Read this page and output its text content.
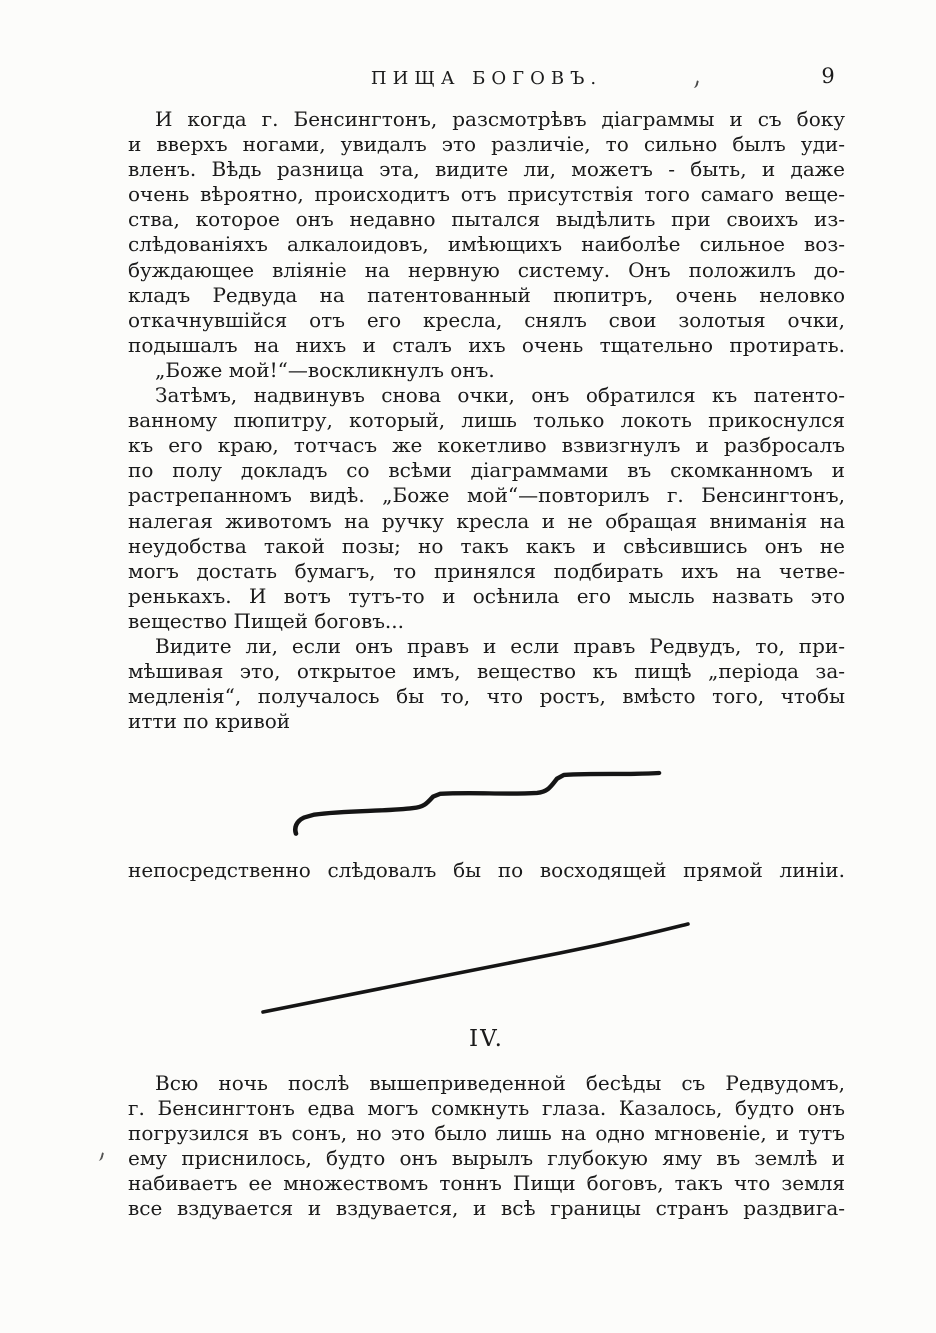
ПИЩА БОГОВЪ.	9
И когда г. Бенсингтонъ, разсмотрѣвъ діаграммы и съ боку
и вверхъ ногами, увидалъ это различіе, то сильно былъ уди-
вленъ. Вѣдь разница эта, видите ли, можетъ - быть, и даже
очень вѣроятно, происходитъ отъ присутствія того самаго веще-
ства, которое онъ недавно пытался выдѣлить при своихъ из-
слѣдованіяхъ алкалоидовъ, имѣющихъ наиболѣе сильное воз-
буждающее вліяніе на нервную систему. Онъ положилъ до-
кладъ Редвуда на патентованный пюпитръ, очень неловко
откачнувшійся отъ его кресла, снялъ свои золотыя очки,
подышалъ на нихъ и сталъ ихъ очень тщательно протирать.
„Боже мой!“—воскликнулъ онъ.
Затѣмъ, надвинувъ снова очки, онъ обратился къ патенто-
ванному пюпитру, который, лишь только локоть прикоснулся
къ его краю, тотчасъ же кокетливо взвизгнулъ и разбросалъ
по полу докладъ со всѣми діаграммами въ скомканномъ и
растрепанномъ видѣ. „Боже мой“—повторилъ г. Бенсингтонъ,
налегая животомъ на ручку кресла и не обращая вниманія на
неудобства такой позы; но такъ какъ и свѣсившись онъ не
могъ достать бумагъ, то принялся подбирать ихъ на четве-
ренькахъ. И вотъ тутъ-то и осѣнила его мысль назвать это
вещество Пищей боговъ...
Видите ли, если онъ правъ и если правъ Редвудъ, то, при-
мѣшивая это, открытое имъ, вещество къ пищѣ „періода за-
медленія“, получалось бы то, что ростъ, вмѣсто того, чтобы
итти по кривой
непосредственно слѣдовалъ бы по восходящей прямой линіи.
IV.
Всю ночь послѣ вышеприведенной бесѣды съ Редвудомъ,
г. Бенсингтонъ едва могъ сомкнуть глаза. Казалось, будто онъ
погрузился въ сонъ, но это было лишь на одно мгновеніе, и тутъ
ему приснилось, будто онъ вырылъ глубокую яму въ землѣ и
набиваетъ ее множествомъ тоннъ Пищи боговъ, такъ что земля
все вздувается и вздувается, и всѣ границы странъ раздвига-
